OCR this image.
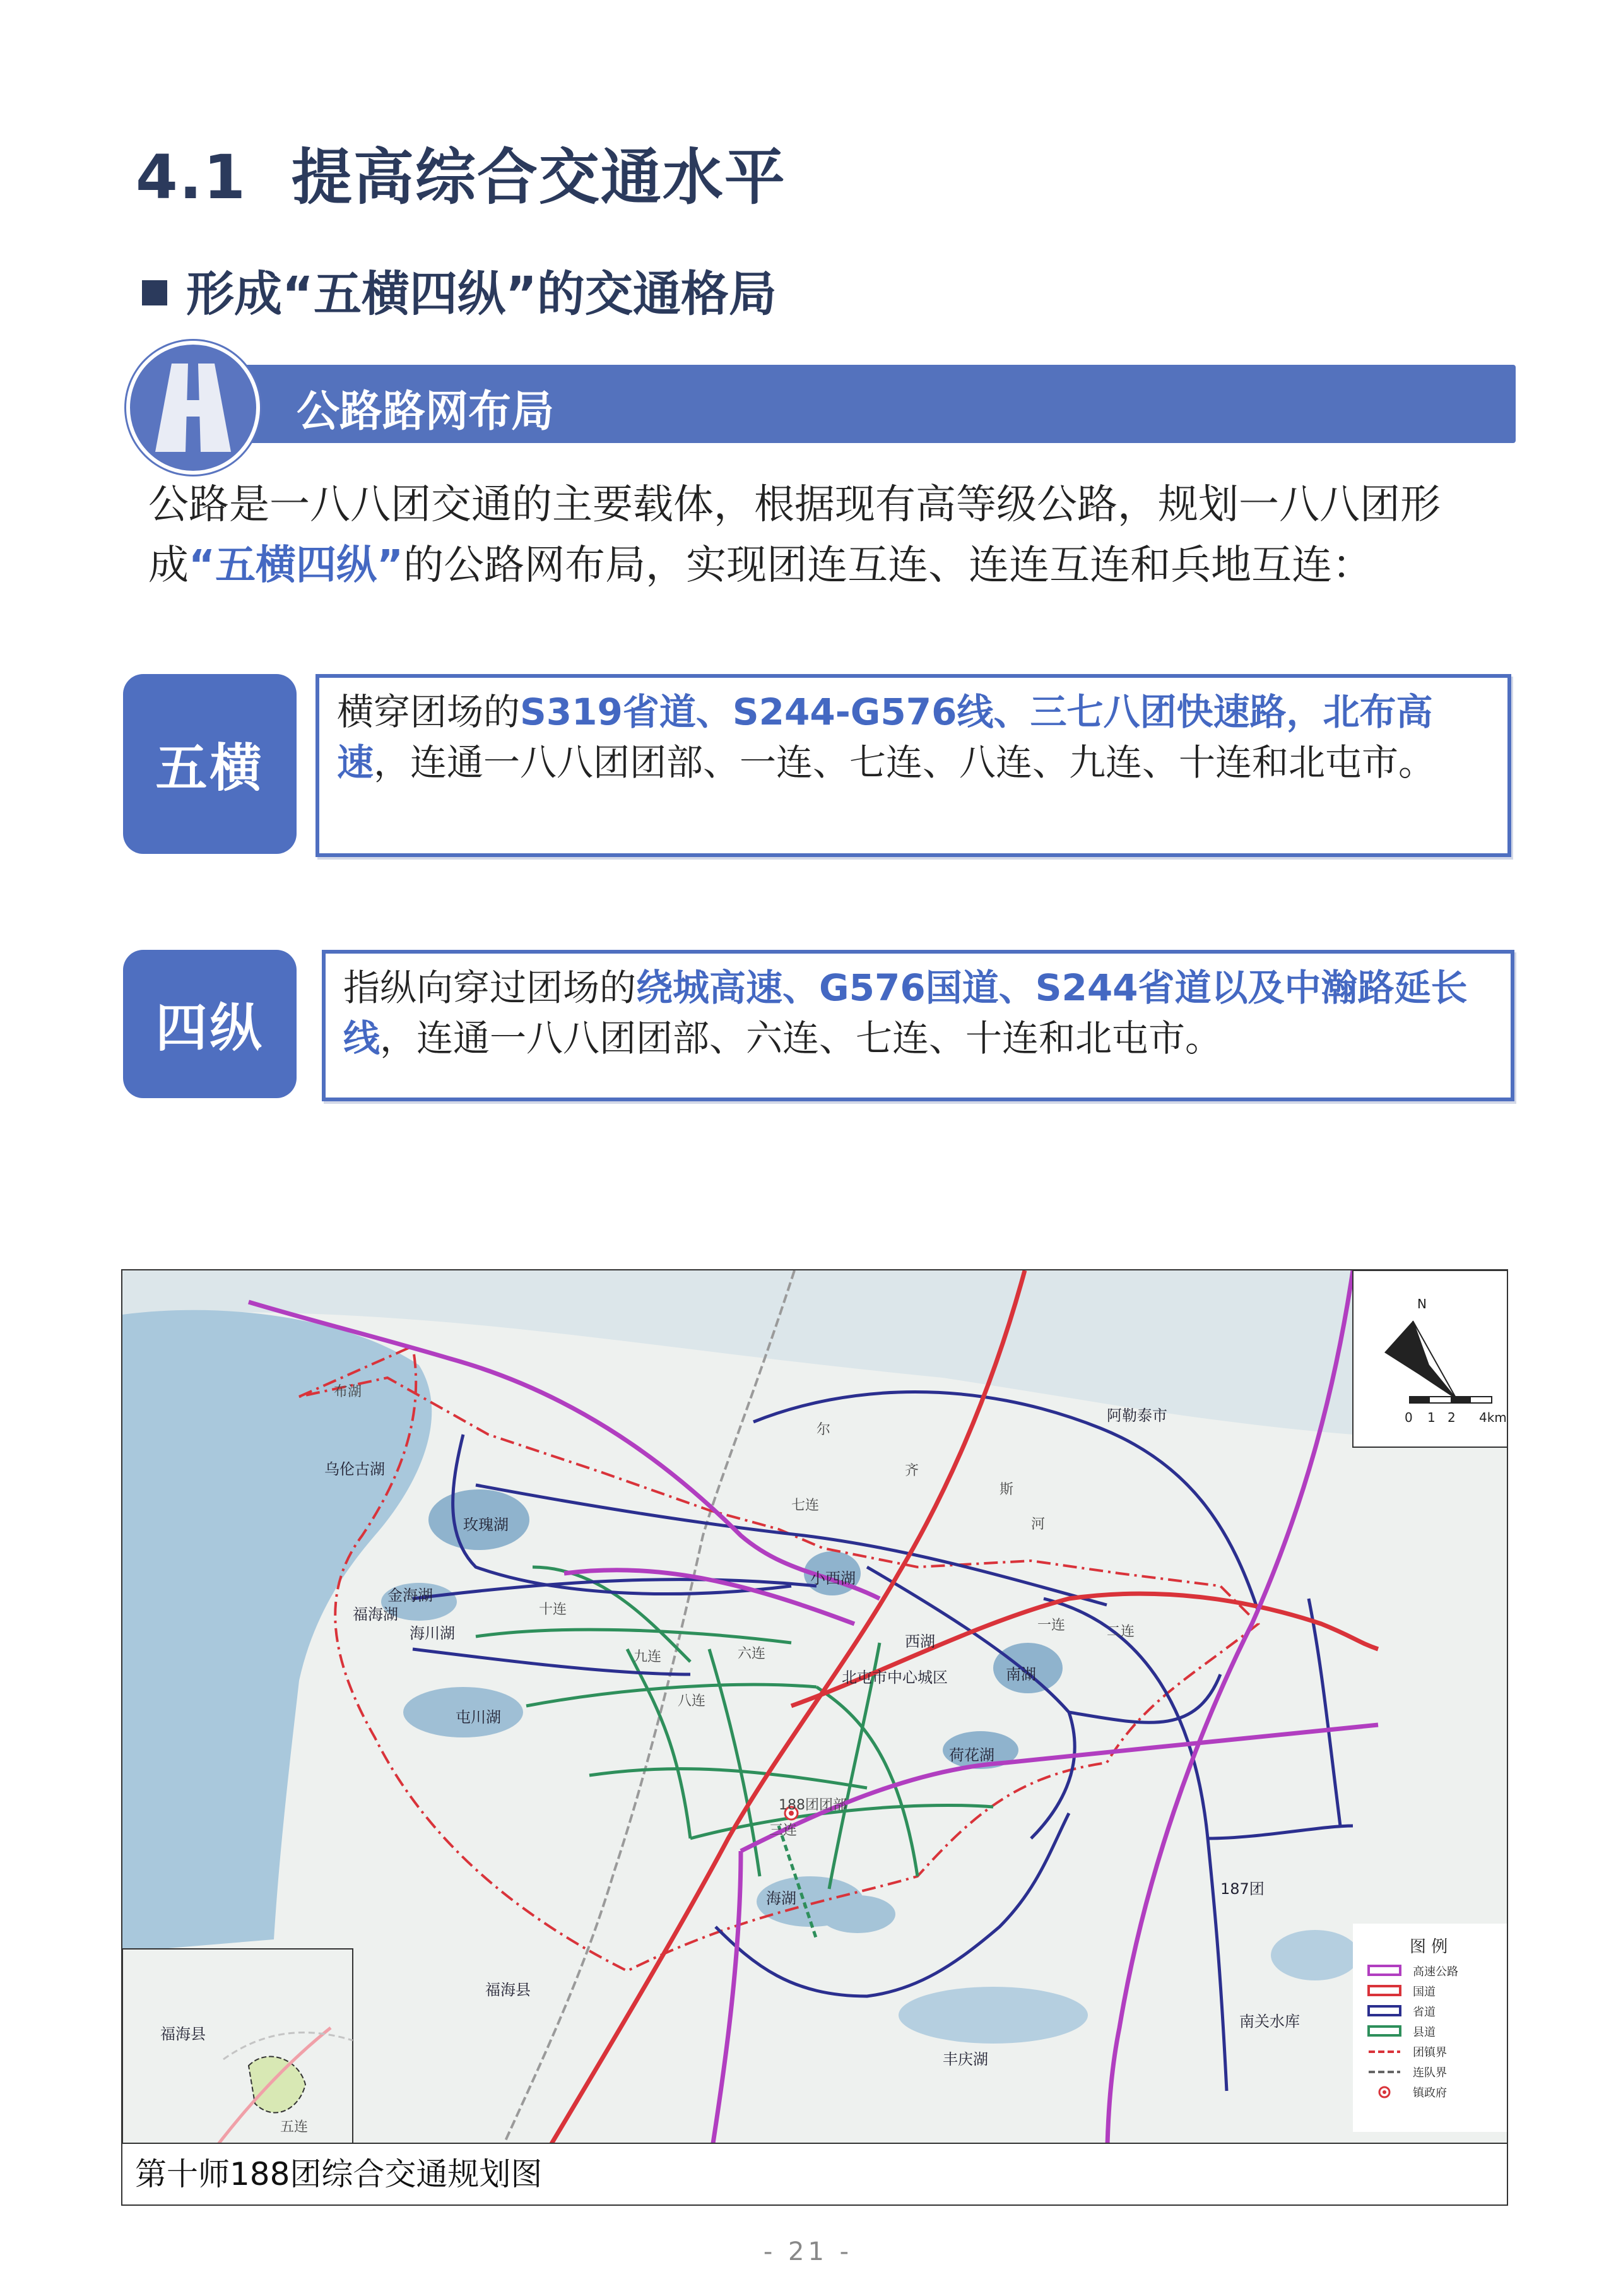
4.1 提高综合交通水平
形成“五横四纵”的交通格局
公路路网布局
公路是一八八团交通的主要载体，根据现有高等级公路，规划一八八团形成“五横四纵”的公路网布局，实现团连互连、连连互连和兵地互连：
五横
横穿团场的S319省道、S244-G576线、三七八团快速路，北布高速，连通一八八团团部、一连、七连、八连、九连、十连和北屯市。
四纵
指纵向穿过团场的绕城高速、G576国道、S244省道以及中瀚路延长线，连通一八八团团部、六连、七连、十连和北屯市。
N
0 1 2 4km
图 例
高速公路
国道
省道
县道
团镇界
连队界
镇政府
乌伦古湖
布湖
玫瑰湖
小西湖
金海湖
福海湖
海川湖
屯川湖
西湖
南湖
荷花湖
海湖
北屯市中心城区
188团团部
阿勒泰市
187团
福海县
南关水库
丰庆湖
尔
齐
斯
河
七连
十连
九连	六连
八连
三连
二连
一连
福海县
五连
第十师188团综合交通规划图
- 21 -
